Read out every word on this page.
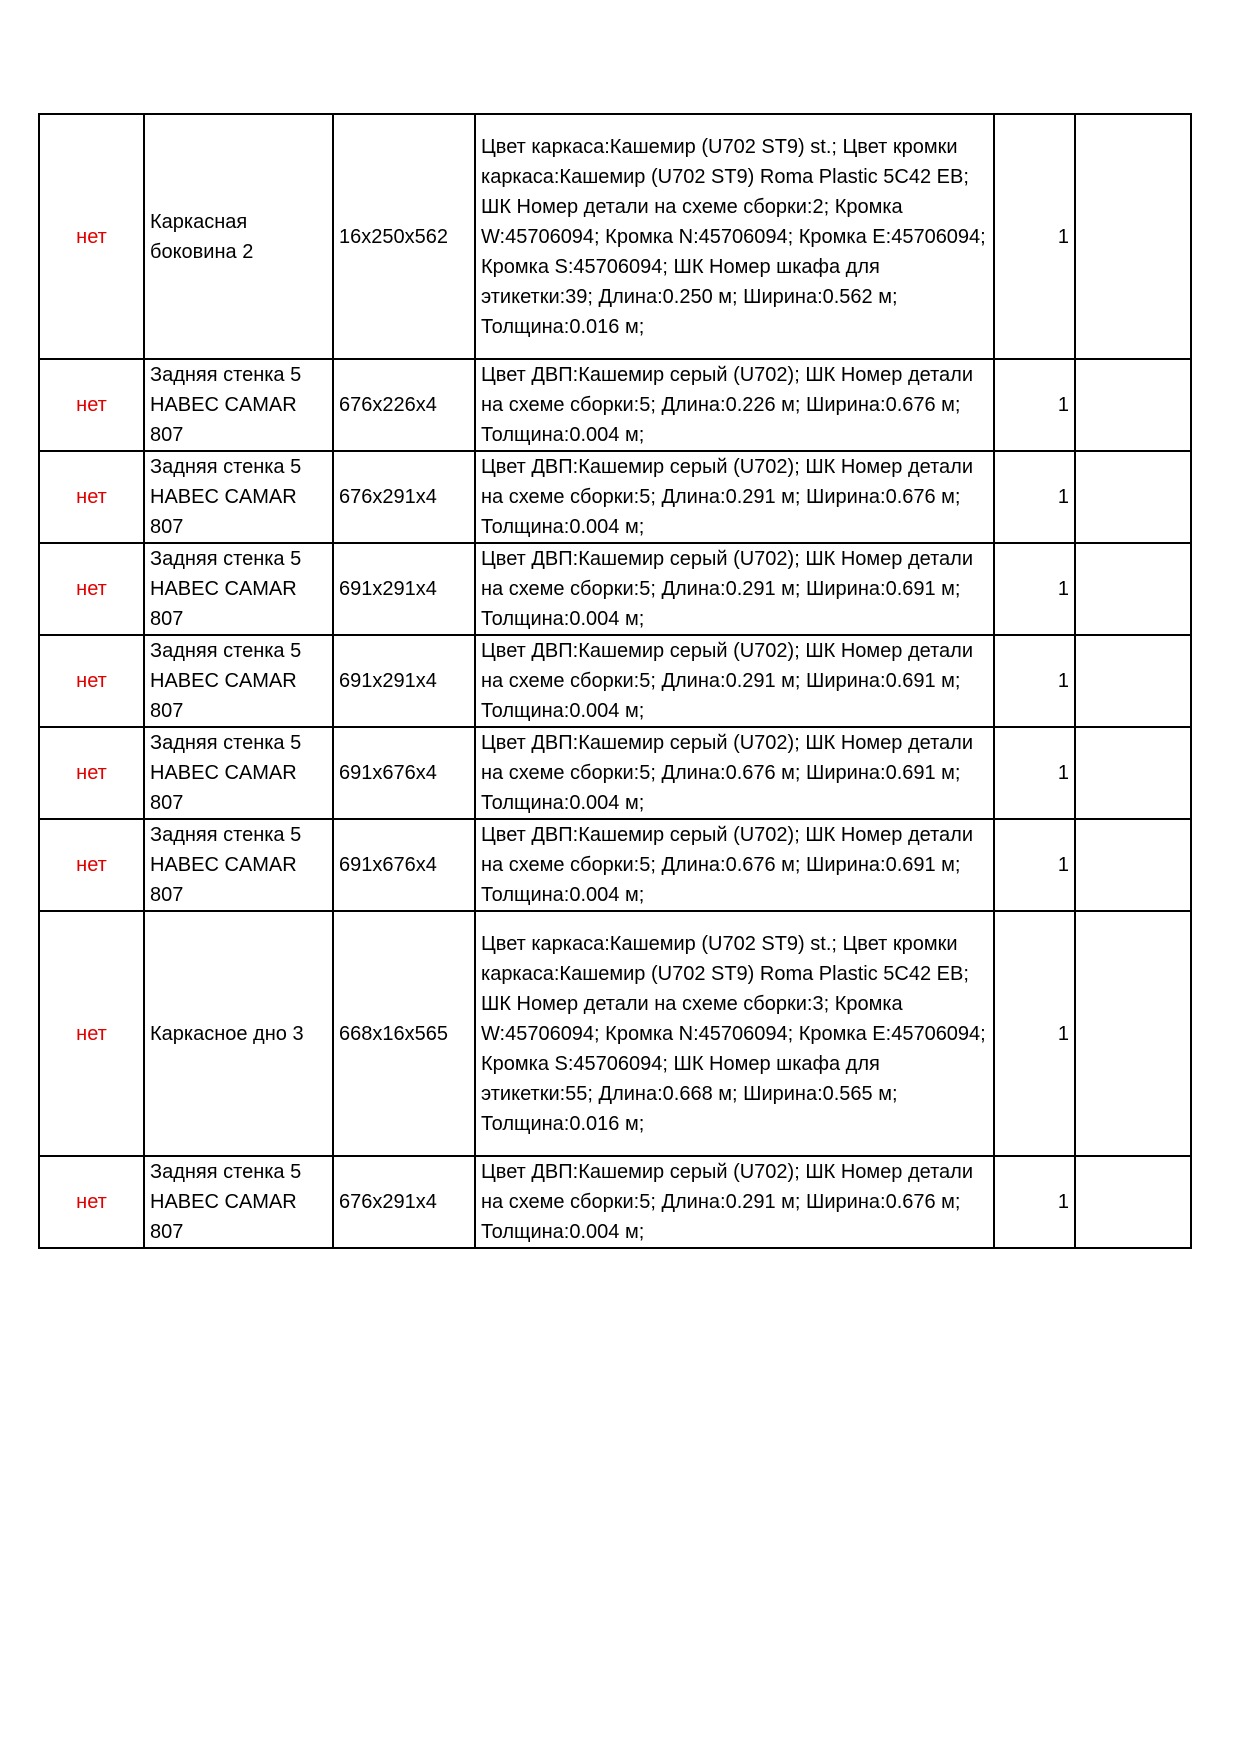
нет	Каркасная боковина 2	16x250x562	Цвет каркаса:Кашемир (U702 ST9) st.; Цвет кромки каркаса:Кашемир (U702 ST9) Roma Plastic 5C42 EB; ШК Номер детали на схеме сборки:2; Кромка W:45706094; Кромка N:45706094; Кромка E:45706094; Кромка S:45706094; ШК Номер шкафа для этикетки:39; Длина:0.250 м; Ширина:0.562 м; Толщина:0.016 м;	1	
нет	Задняя стенка 5 HABEC CAMAR 807	676x226x4	Цвет ДВП:Кашемир серый (U702); ШК Номер детали на схеме сборки:5; Длина:0.226 м; Ширина:0.676 м; Толщина:0.004 м;	1	
нет	Задняя стенка 5 HABEC CAMAR 807	676x291x4	Цвет ДВП:Кашемир серый (U702); ШК Номер детали на схеме сборки:5; Длина:0.291 м; Ширина:0.676 м; Толщина:0.004 м;	1	
нет	Задняя стенка 5 HABEC CAMAR 807	691x291x4	Цвет ДВП:Кашемир серый (U702); ШК Номер детали на схеме сборки:5; Длина:0.291 м; Ширина:0.691 м; Толщина:0.004 м;	1	
нет	Задняя стенка 5 HABEC CAMAR 807	691x291x4	Цвет ДВП:Кашемир серый (U702); ШК Номер детали на схеме сборки:5; Длина:0.291 м; Ширина:0.691 м; Толщина:0.004 м;	1	
нет	Задняя стенка 5 HABEC CAMAR 807	691x676x4	Цвет ДВП:Кашемир серый (U702); ШК Номер детали на схеме сборки:5; Длина:0.676 м; Ширина:0.691 м; Толщина:0.004 м;	1	
нет	Задняя стенка 5 HABEC CAMAR 807	691x676x4	Цвет ДВП:Кашемир серый (U702); ШК Номер детали на схеме сборки:5; Длина:0.676 м; Ширина:0.691 м; Толщина:0.004 м;	1	
нет	Каркасное дно 3	668x16x565	Цвет каркаса:Кашемир (U702 ST9) st.; Цвет кромки каркаса:Кашемир (U702 ST9) Roma Plastic 5C42 EB; ШК Номер детали на схеме сборки:3; Кромка W:45706094; Кромка N:45706094; Кромка E:45706094; Кромка S:45706094; ШК Номер шкафа для этикетки:55; Длина:0.668 м; Ширина:0.565 м; Толщина:0.016 м;	1	
нет	Задняя стенка 5 HABEC CAMAR 807	676x291x4	Цвет ДВП:Кашемир серый (U702); ШК Номер детали на схеме сборки:5; Длина:0.291 м; Ширина:0.676 м; Толщина:0.004 м;	1	
